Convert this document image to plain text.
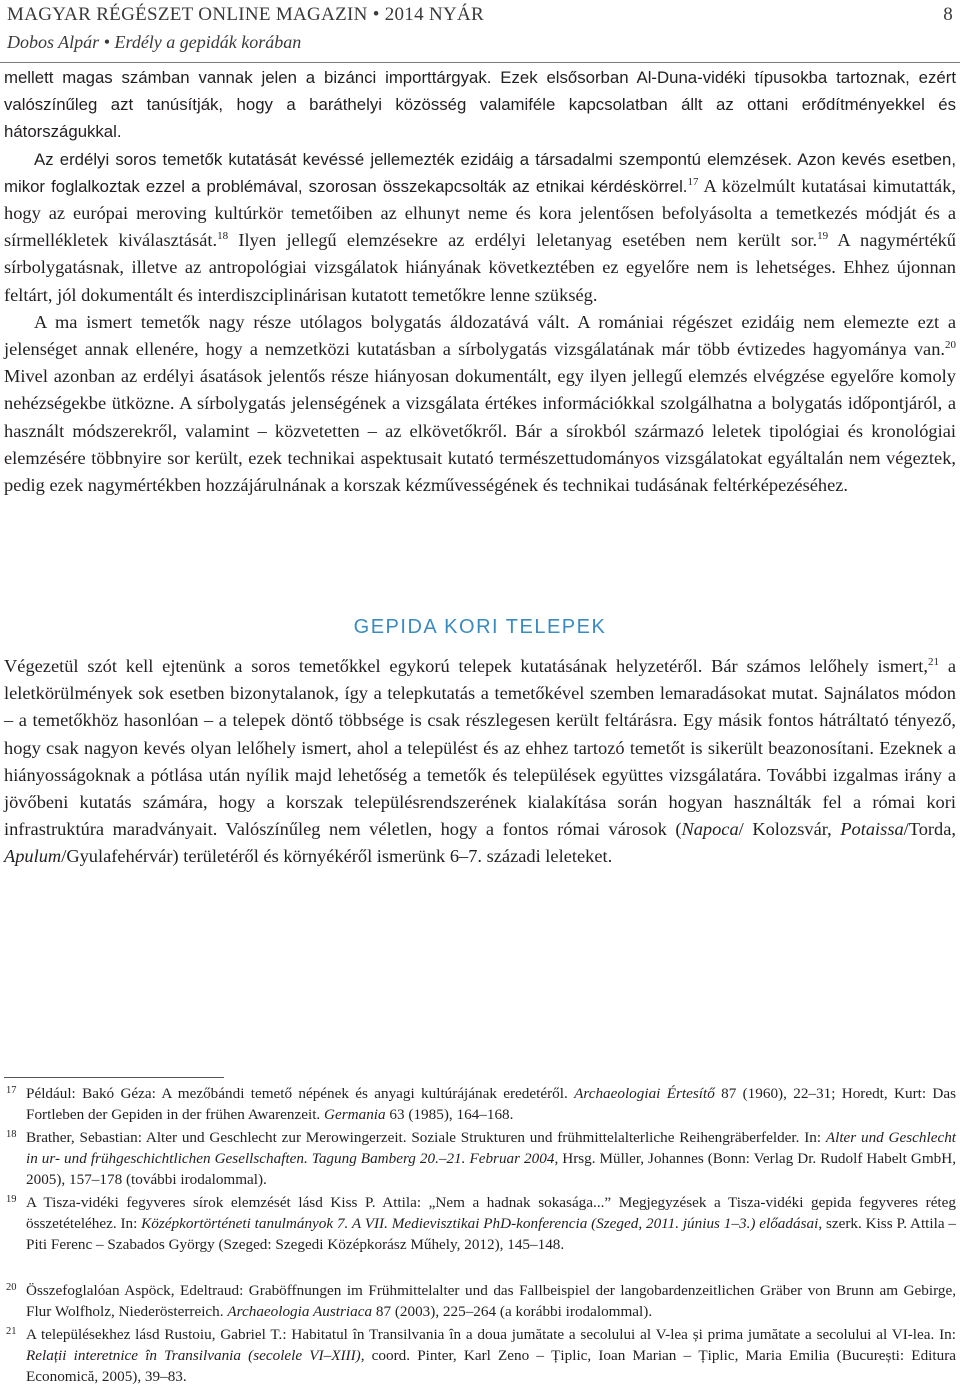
MAGYAR RÉGÉSZET ONLINE MAGAZIN • 2014 NYÁR	8
Dobos Alpár • Erdély a gepidák korában

mellett magas számban vannak jelen a bizánci importtárgyak. Ezek elsősorban Al-Duna-vidéki típusokba tartoznak, ezért valószínűleg azt tanúsítják, hogy a baráthelyi közösség valamiféle kapcsolatban állt az ottani erődítményekkel és hátországukkal.

Az erdélyi soros temetők kutatását kevéssé jellemezték ezidáig a társadalmi szempontú elemzések. Azon kevés esetben, mikor foglalkoztak ezzel a problémával, szorosan összekapcsolták az etnikai kérdéskörrel.$^{17}$ A közelmúlt kutatásai kimutatták, hogy az európai meroving kultúrkör temetőiben az elhunyt neme és kora jelentősen befolyásolta a temetkezés módját és a sírmellékletek kiválasztását.$^{18}$ Ilyen jellegű elemzésekre az erdélyi leletanyag esetében nem került sor.$^{19}$ A nagymértékű sírbolygatásnak, illetve az antropológiai vizsgálatok hiányának következtében ez egyelőre nem is lehetséges. Ehhez újonnan feltárt, jól dokumentált és interdiszciplinárisan kutatott temetőkre lenne szükség.

A ma ismert temetők nagy része utólagos bolygatás áldozatává vált. A romániai régészet ezidáig nem elemezte ezt a jelenséget annak ellenére, hogy a nemzetközi kutatásban a sírbolygatás vizsgálatának már több évtizedes hagyománya van.$^{20}$ Mivel azonban az erdélyi ásatások jelentős része hiányosan dokumentált, egy ilyen jellegű elemzés elvégzése egyelőre komoly nehézségekbe ütközne. A sírbolygatás jelenségének a vizsgálata értékes információkkal szolgálhatna a bolygatás időpontjáról, a használt módszerekről, valamint – közvetetten – az elkövetőkről. Bár a sírokból származó leletek tipológiai és kronológiai elemzésére többnyire sor került, ezek technikai aspektusait kutató természettudományos vizsgálatokat egyáltalán nem végeztek, pedig ezek nagymértékben hozzájárulnának a korszak kézművességének és technikai tudásának feltérképezéséhez.

GEPIDA KORI TELEPEK

Végezetül szót kell ejtenünk a soros temetőkkel egykorú telepek kutatásának helyzetéről. Bár számos lelőhely ismert,$^{21}$ a leletkörülmények sok esetben bizonytalanok, így a telepkutatás a temetőkével szemben lemaradásokat mutat. Sajnálatos módon – a temetőkhöz hasonlóan – a telepek döntő többsége is csak részlegesen került feltárásra. Egy másik fontos hátráltató tényező, hogy csak nagyon kevés olyan lelőhely ismert, ahol a települést és az ehhez tartozó temetőt is sikerült beazonosítani. Ezeknek a hiányosságoknak a pótlása után nyílik majd lehetőség a temetők és települések együttes vizsgálatára. További izgalmas irány a jövőbeni kutatás számára, hogy a korszak településrendszerének kialakítása során hogyan használták fel a római kori infrastruktúra maradványait. Valószínűleg nem véletlen, hogy a fontos római városok (Napoca/ Kolozsvár, Potaissa/Torda, Apulum/Gyulafehérvár) területéről és környékéről ismerünk 6–7. századi leleteket.

17 Például: Bakó Géza: A mezőbándi temető népének és anyagi kultúrájának eredetéről. Archaeologiai Értesítő 87 (1960), 22–31; Horedt, Kurt: Das Fortleben der Gepiden in der frühen Awarenzeit. Germania 63 (1985), 164–168.
18 Brather, Sebastian: Alter und Geschlecht zur Merowingerzeit. Soziale Strukturen und frühmittelalterliche Reihengräberfelder. In: Alter und Geschlecht in ur- und frühgeschichtlichen Gesellschaften. Tagung Bamberg 20.–21. Februar 2004, Hrsg. Müller, Johannes (Bonn: Verlag Dr. Rudolf Habelt GmbH, 2005), 157–178 (további irodalommal).
19 A Tisza-vidéki fegyveres sírok elemzését lásd Kiss P. Attila: „Nem a hadnak sokasága...” Megjegyzések a Tisza-vidéki gepida fegyveres réteg összetételéhez. In: Középkortörténeti tanulmányok 7. A VII. Medievisztikai PhD-konferencia (Szeged, 2011. június 1–3.) előadásai, szerk. Kiss P. Attila – Piti Ferenc – Szabados György (Szeged: Szegedi Középkorász Műhely, 2012), 145–148.
20 Összefoglalóan Aspöck, Edeltraud: Graböffnungen im Frühmittelalter und das Fallbeispiel der langobardenzeitlichen Gräber von Brunn am Gebirge, Flur Wolfholz, Niederösterreich. Archaeologia Austriaca 87 (2003), 225–264 (a korábbi irodalommal).
21 A településekhez lásd Rustoiu, Gabriel T.: Habitatul în Transilvania în a doua jumătate a secolului al V-lea și prima jumătate a secolului al VI-lea. In: Relații interetnice în Transilvania (secolele VI–XIII), coord. Pinter, Karl Zeno – Țiplic, Ioan Marian – Țiplic, Maria Emilia (București: Editura Economică, 2005), 39–83.
